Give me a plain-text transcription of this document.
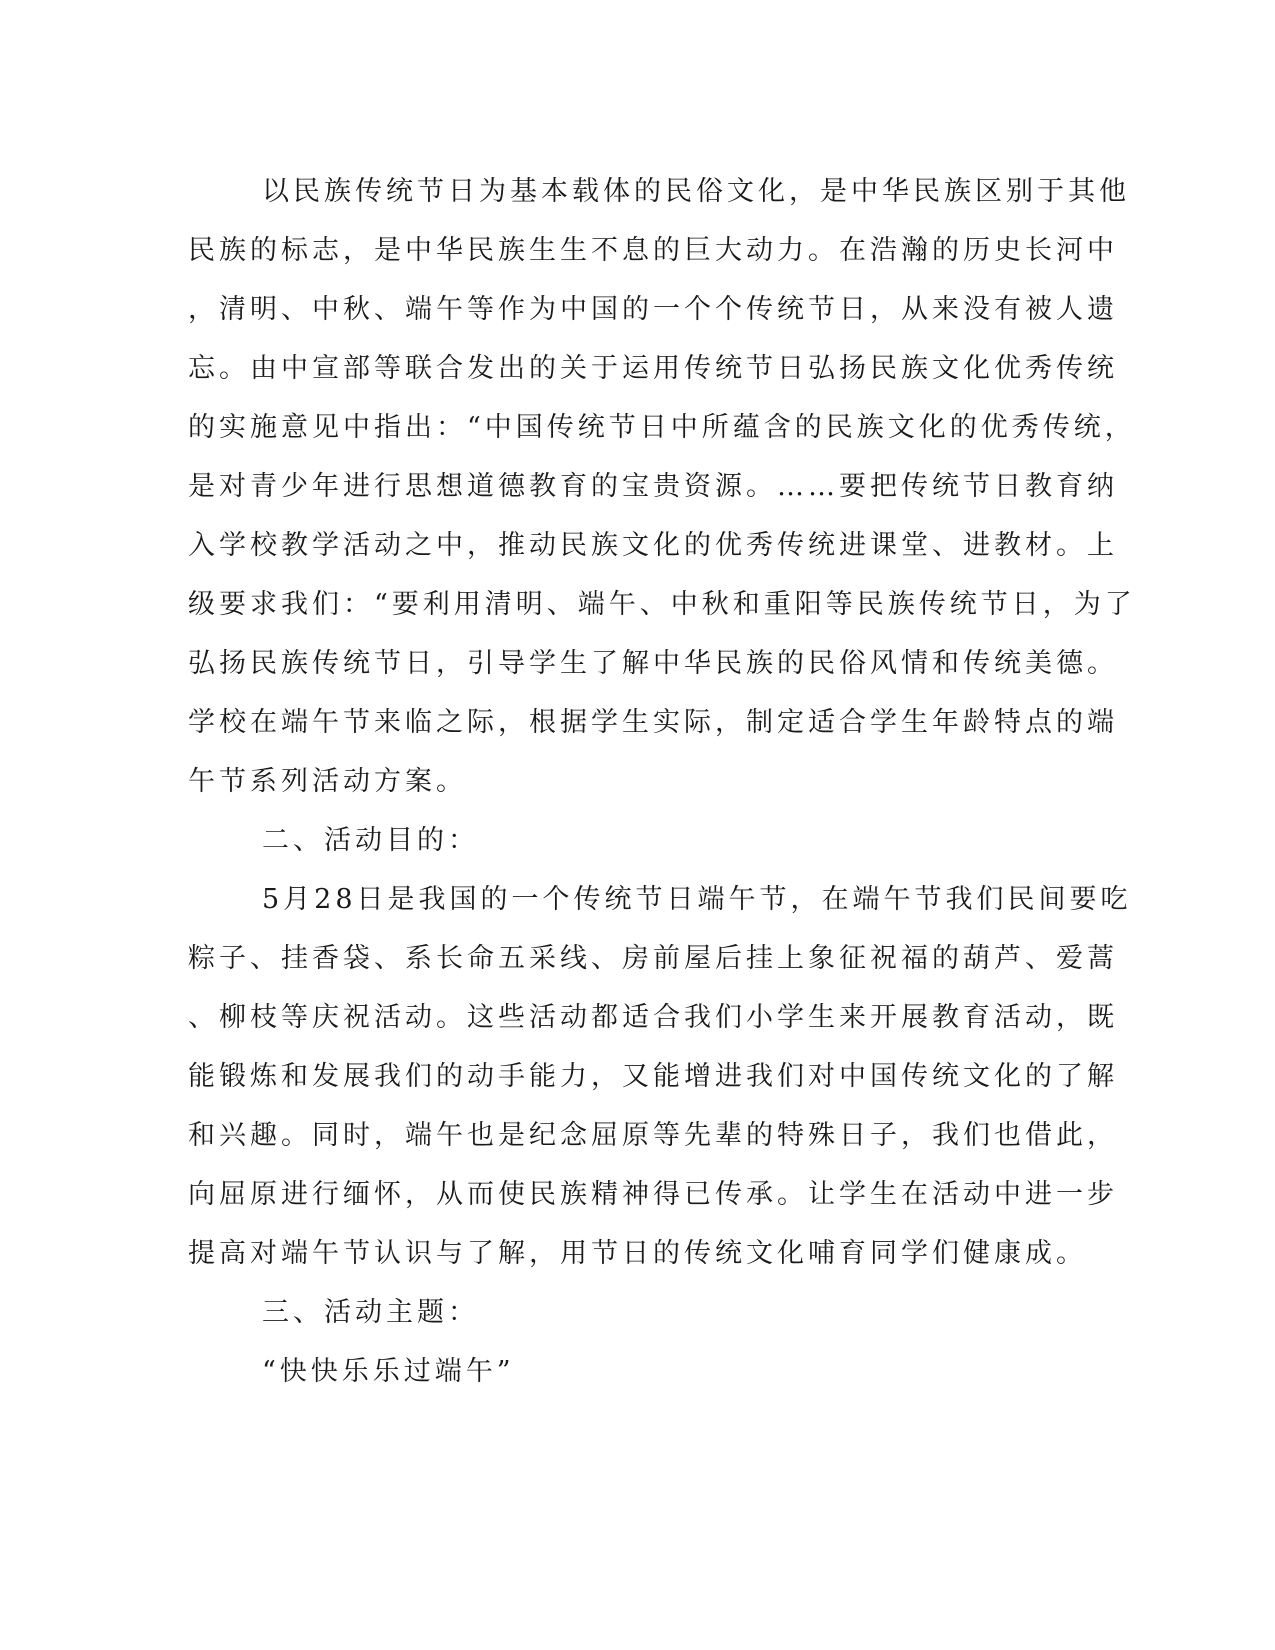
以民族传统节日为基本载体的民俗文化，是中华民族区别于其他
民族的标志，是中华民族生生不息的巨大动力。在浩瀚的历史长河中
，清明、中秋、端午等作为中国的一个个传统节日，从来没有被人遗
忘。由中宣部等联合发出的关于运用传统节日弘扬民族文化优秀传统
的实施意见中指出：“中国传统节日中所蕴含的民族文化的优秀传统，
是对青少年进行思想道德教育的宝贵资源。……要把传统节日教育纳
入学校教学活动之中，推动民族文化的优秀传统进课堂、进教材。上
级要求我们：“要利用清明、端午、中秋和重阳等民族传统节日，为了
弘扬民族传统节日，引导学生了解中华民族的民俗风情和传统美德。
学校在端午节来临之际，根据学生实际，制定适合学生年龄特点的端
午节系列活动方案。
二、活动目的：
5月28日是我国的一个传统节日端午节，在端午节我们民间要吃
粽子、挂香袋、系长命五采线、房前屋后挂上象征祝福的葫芦、爱蒿
、柳枝等庆祝活动。这些活动都适合我们小学生来开展教育活动，既
能锻炼和发展我们的动手能力，又能增进我们对中国传统文化的了解
和兴趣。同时，端午也是纪念屈原等先辈的特殊日子，我们也借此，
向屈原进行缅怀，从而使民族精神得已传承。让学生在活动中进一步
提高对端午节认识与了解，用节日的传统文化哺育同学们健康成。
三、活动主题：
“快快乐乐过端午”
